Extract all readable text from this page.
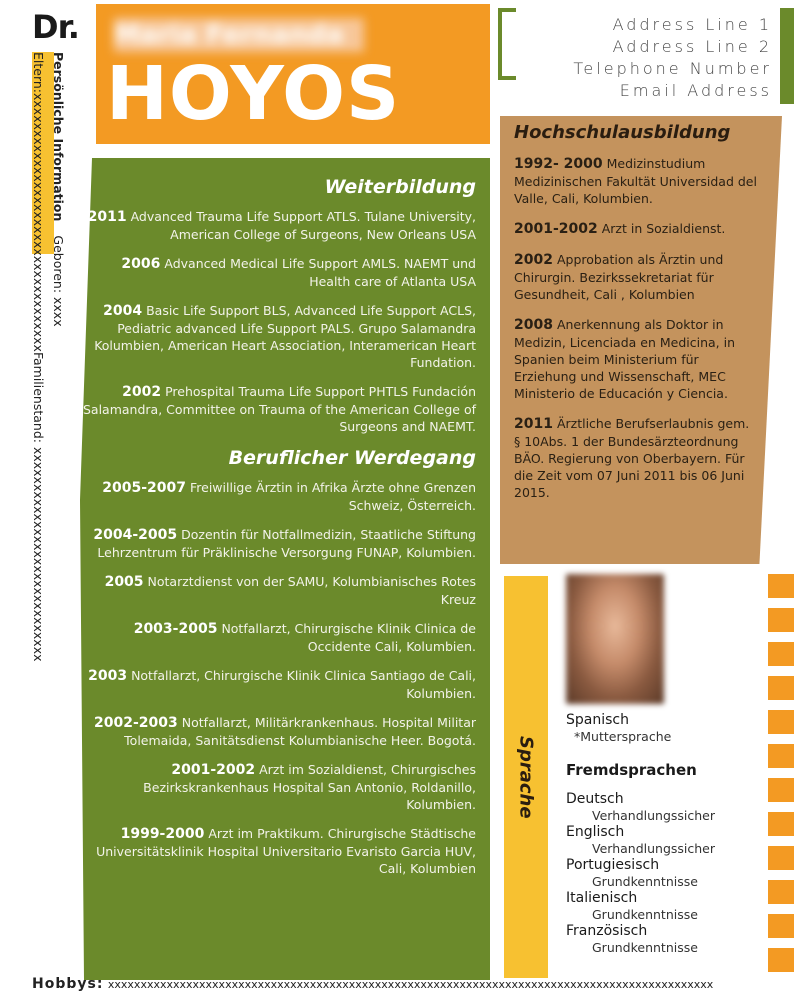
Dr. Maria Fernanda
HOYOS
Address Line 1
Address Line 2
Telephone Number
Email Address
Persönliche InformationGeboren: xxxx
Eltern:xxxxxxxxxxxxxxxxxxxxxxxxxxxxxxxxxxxFamilienstand: xxxxxxxxxxxxxxxxxxxxxxxxxxxxx
Weiterbildung
2011 Advanced Trauma Life Support ATLS. Tulane University, American College of Surgeons, New Orleans USA
2006 Advanced Medical Life Support AMLS. NAEMT und Health care of Atlanta USA
2004 Basic Life Support BLS, Advanced Life Support ACLS, Pediatric advanced Life Support PALS. Grupo Salamandra Kolumbien, American Heart Association, Interamerican Heart Fundation.
2002 Prehospital Trauma Life Support PHTLS Fundación Salamandra, Committee on Trauma of the American College of Surgeons and NAEMT.
Beruflicher Werdegang
2005-2007 Freiwillige Ärztin in Afrika Ärzte ohne Grenzen Schweiz, Österreich.
2004-2005 Dozentin für Notfallmedizin, Staatliche Stiftung Lehrzentrum für Präklinische Versorgung FUNAP, Kolumbien.
2005 Notarztdienst von der SAMU, Kolumbianisches Rotes Kreuz
2003-2005 Notfallarzt, Chirurgische Klinik Clinica de Occidente Cali, Kolumbien.
2003 Notfallarzt, Chirurgische Klinik Clinica Santiago de Cali, Kolumbien.
2002-2003 Notfallarzt, Militärkrankenhaus. Hospital Militar Tolemaida, Sanitätsdienst Kolumbianische Heer. Bogotá.
2001-2002 Arzt im Sozialdienst, Chirurgisches Bezirkskrankenhaus Hospital San Antonio, Roldanillo, Kolumbien.
1999-2000 Arzt im Praktikum. Chirurgische Städtische Universitätsklinik Hospital Universitario Evaristo Garcia HUV, Cali, Kolumbien
Hochschulausbildung
1992- 2000 Medizinstudium Medizinischen Fakultät Universidad del Valle, Cali, Kolumbien.
2001-2002 Arzt in Sozialdienst.
2002 Approbation als Ärztin und Chirurgin. Bezirkssekretariat für Gesundheit, Cali , Kolumbien
2008 Anerkennung als Doktor in Medizin, Licenciada en Medicina, in Spanien beim Ministerium für Erziehung und Wissenschaft, MEC Ministerio de Educación y Ciencia.
2011 Ärztliche Berufserlaubnis gem. § 10Abs. 1 der Bundesärzteordnung BÄO. Regierung von Oberbayern. Für die Zeit vom 07 Juni 2011 bis 06 Juni 2015.
Sprache
Spanisch
*Muttersprache
Fremdsprachen
Deutsch
Verhandlungssicher
Englisch
Verhandlungssicher
Portugiesisch
Grundkenntnisse
Italienisch
Grundkenntnisse
Französisch
Grundkenntnisse
Hobbys: xxxxxxxxxxxxxxxxxxxxxxxxxxxxxxxxxxxxxxxxxxxxxxxxxxxxxxxxxxxxxxxxxxxxxxxxxxxxxxxxxxxxxxxxxxxxx
